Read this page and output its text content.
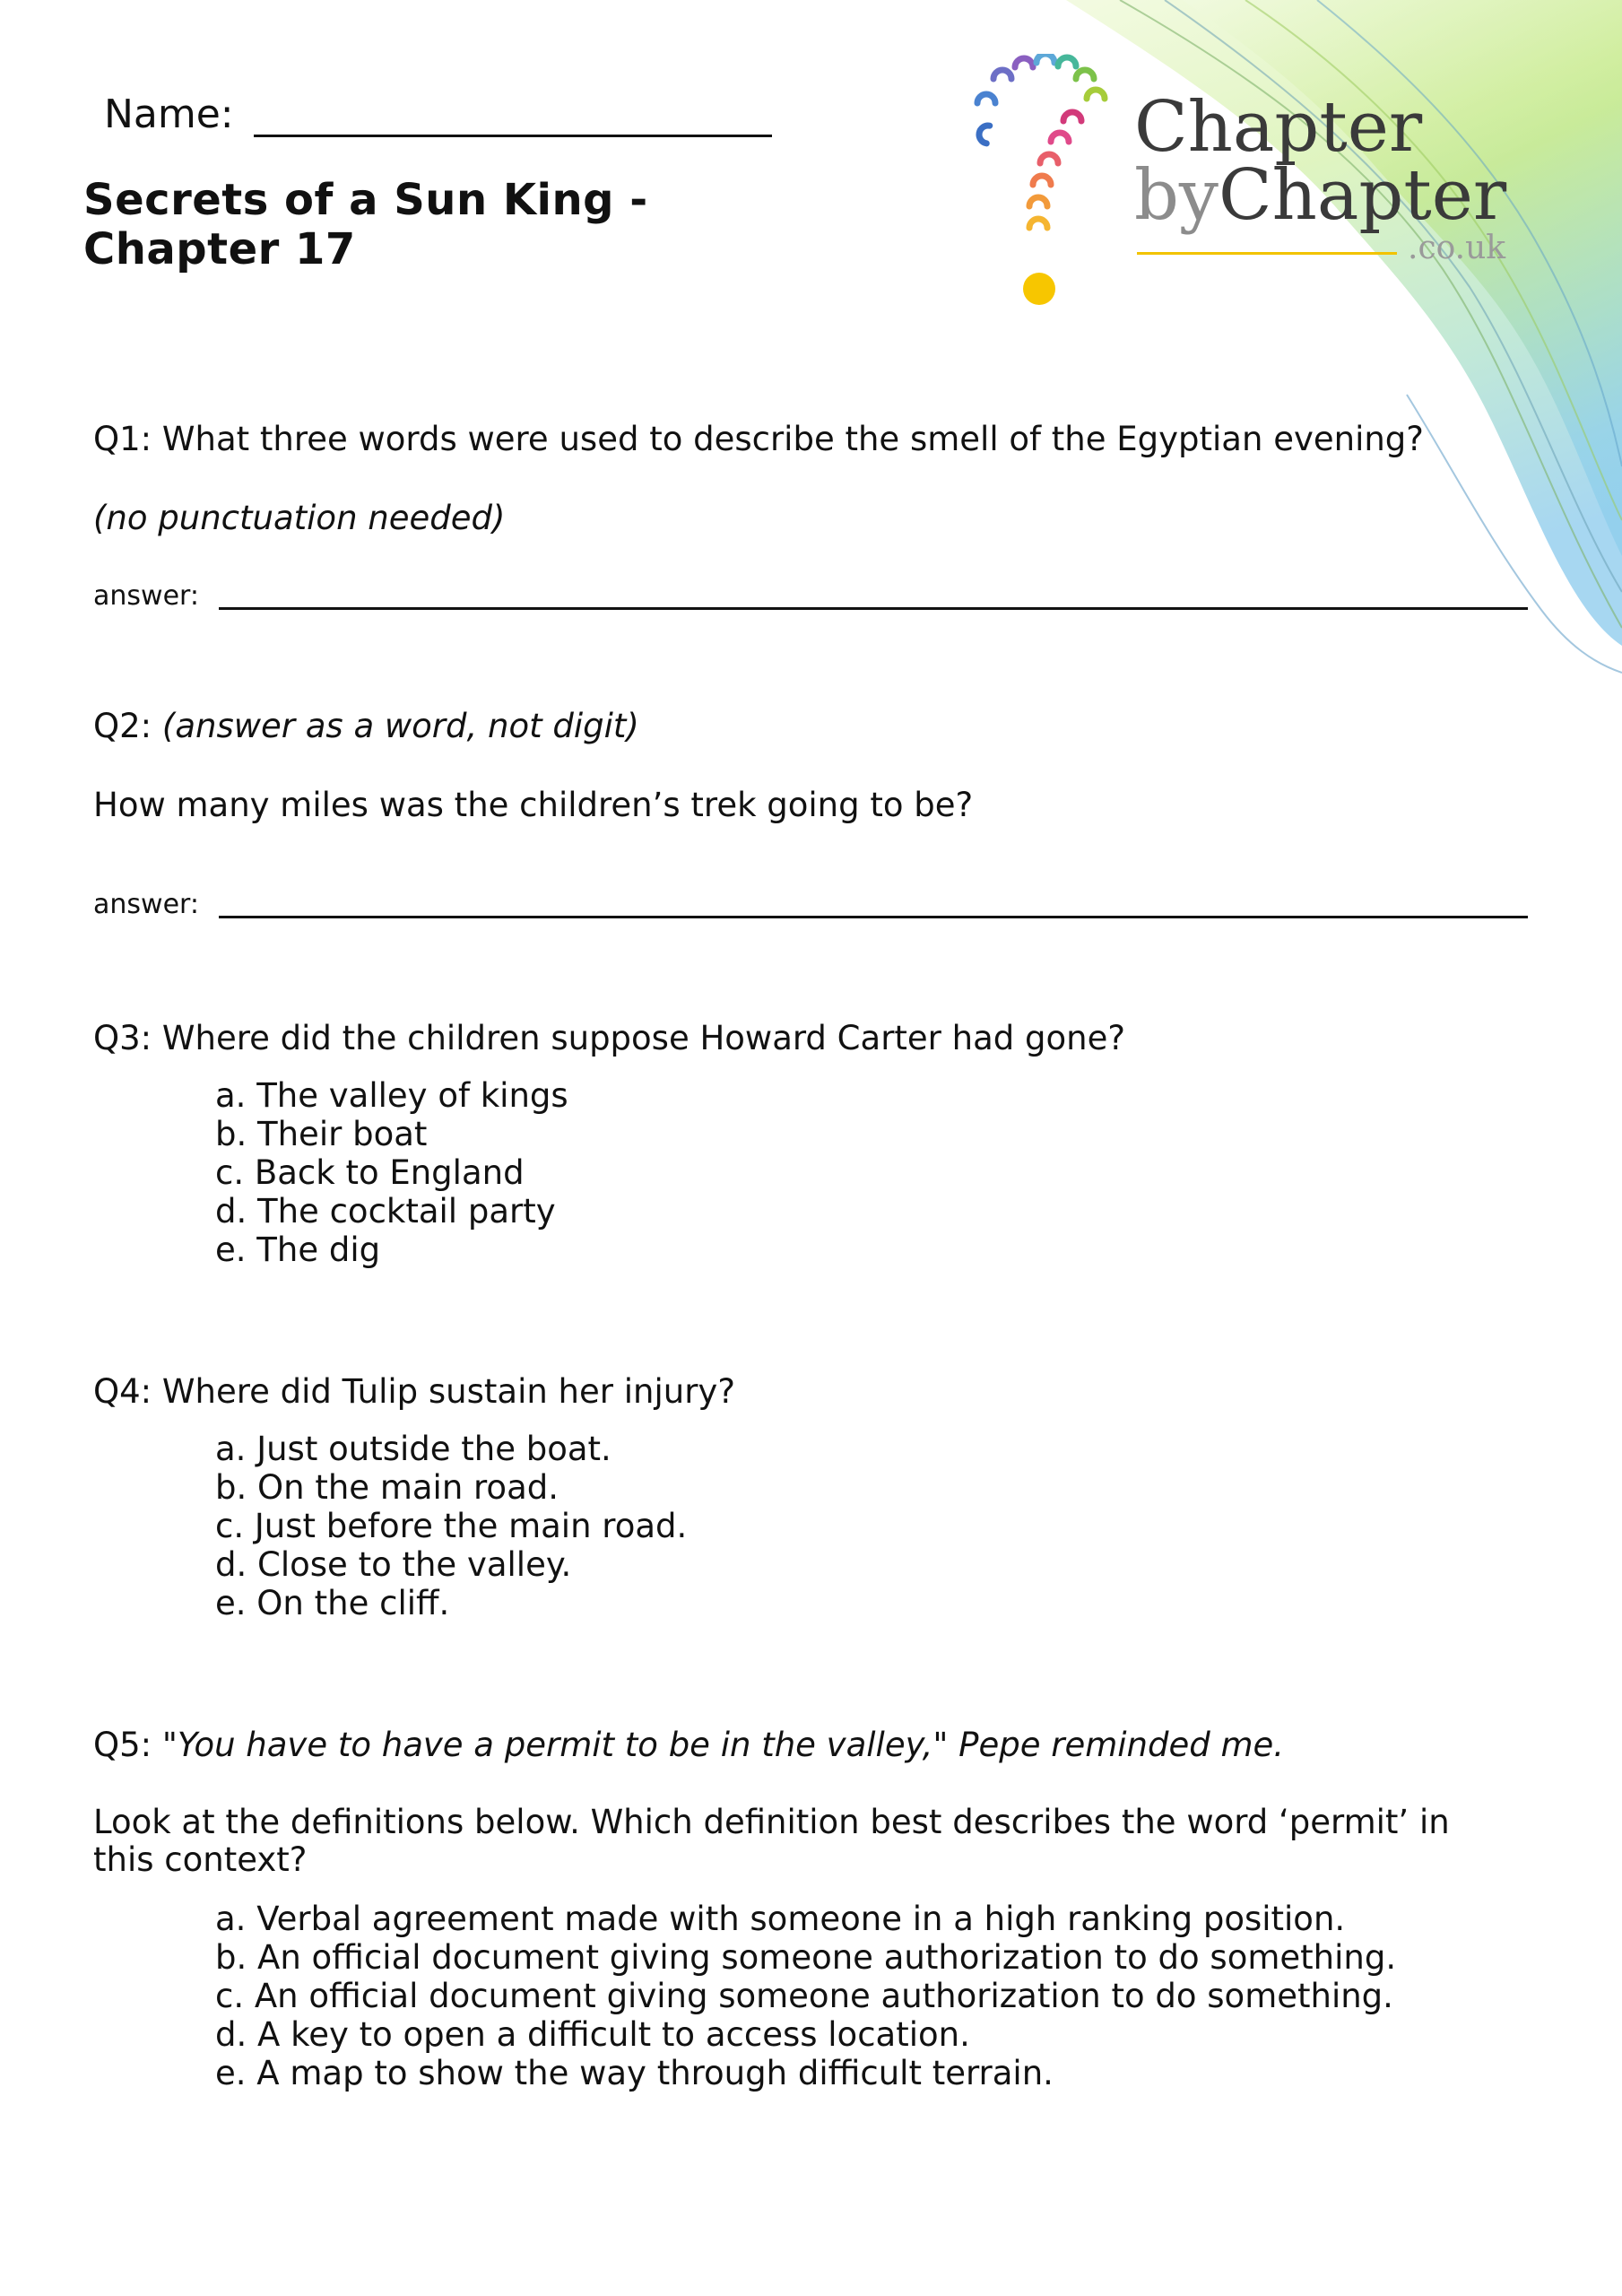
Name:
Secrets of a Sun King - Chapter 17
Chapter
byChapter
.co.uk
Q1: What three words were used to describe the smell of the Egyptian evening?
(no punctuation needed)
answer:
Q2: (answer as a word, not digit)
How many miles was the children’s trek going to be?
answer:
Q3: Where did the children suppose Howard Carter had gone?
a. The valley of kings
b. Their boat
c. Back to England
d. The cocktail party
e. The dig
Q4: Where did Tulip sustain her injury?
a. Just outside the boat.
b. On the main road.
c. Just before the main road.
d. Close to the valley.
e. On the cliff.
Q5: "You have to have a permit to be in the valley," Pepe reminded me.
Look at the definitions below. Which definition best describes the word ‘permit’ in this context?
a. Verbal agreement made with someone in a high ranking position.
b. An official document giving someone authorization to do something.
c. An official document giving someone authorization to do something.
d. A key to open a difficult to access location.
e. A map to show the way through difficult terrain.
